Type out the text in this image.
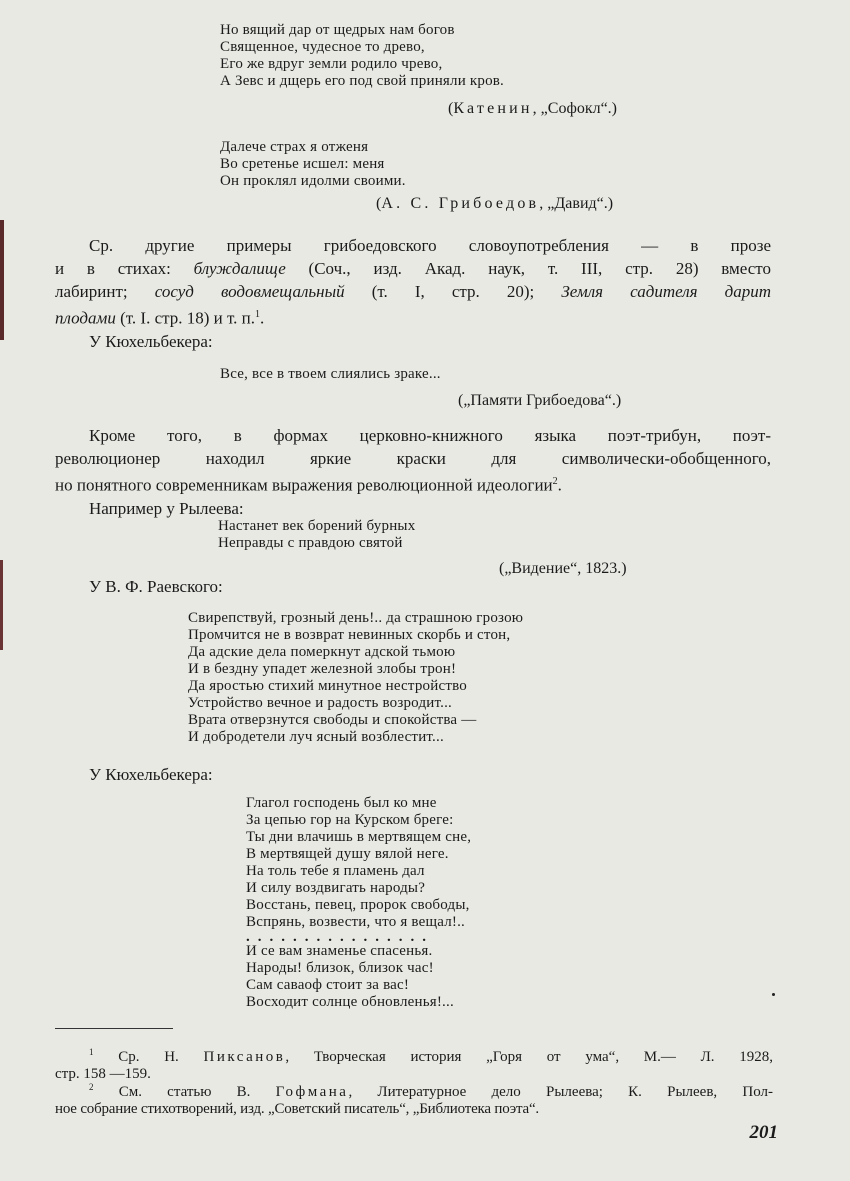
Но вящий дар от щедрых нам богов
Священное, чудесное то древо,
Его же вдруг земли родило чрево,
А Зевс и дщерь его под свой приняли кров.
(Катенин, „Софокл“.)
Далече страх я отженя
Во сретенье исшел: меня
Он проклял идолми своими.
(А. С. Грибоедов, „Давид“.)
Ср. другие примеры грибоедовского словоупотребления — в прозе
и в стихах: блуждалище (Соч., изд. Акад. наук, т. III, стр. 28) вместо
лабиринт; сосуд водовмещальный (т. I, стр. 20); Земля садителя дарит
плодами (т. I. стр. 18) и т. п.$^1$.
У Кюхельбекера:
Все, все в твоем слиялись зраке...
(„Памяти Грибоедова“.)
Кроме того, в формах церковно-книжного языка поэт-трибун, поэт-
революционер находил яркие краски для символически-обобщенного,
но понятного современникам выражения революционной идеологии$^2$.
Например у Рылеева:
Настанет век борений бурных
Неправды с правдою святой
(„Видение“, 1823.)
У В. Ф. Раевского:
Свирепствуй, грозный день!.. да страшною грозою
Промчится не в возврат невинных скорбь и стон,
Да адские дела померкнут адской тьмою
И в бездну упадет железной злобы трон!
Да яростью стихий минутное нестройство
Устройство вечное и радость возродит...
Врата отверзнутся свободы и спокойства —
И добродетели луч ясный возблестит...
У Кюхельбекера:
Глагол господень был ко мне
За цепью гор на Курском бреге:
Ты дни влачишь в мертвящем сне,
В мертвящей душу вялой неге.
На толь тебе я пламень дал
И силу воздвигать народы?
Восстань, певец, пророк свободы,
Вспрянь, возвести, что я вещал!..
................
И се вам знаменье спасенья.
Народы! близок, близок час!
Сам саваоф стоит за вас!
Восходит солнце обновленья!...
$^1$ Ср. Н. Пиксанов, Творческая история „Горя от ума“, М.— Л. 1928,
стр. 158 —159.
$^2$ См. статью В. Гофмана, Литературное дело Рылеева; К. Рылеев, Пол-
ное собрание стихотворений, изд. „Советский писатель“, „Библиотека поэта“.
201
